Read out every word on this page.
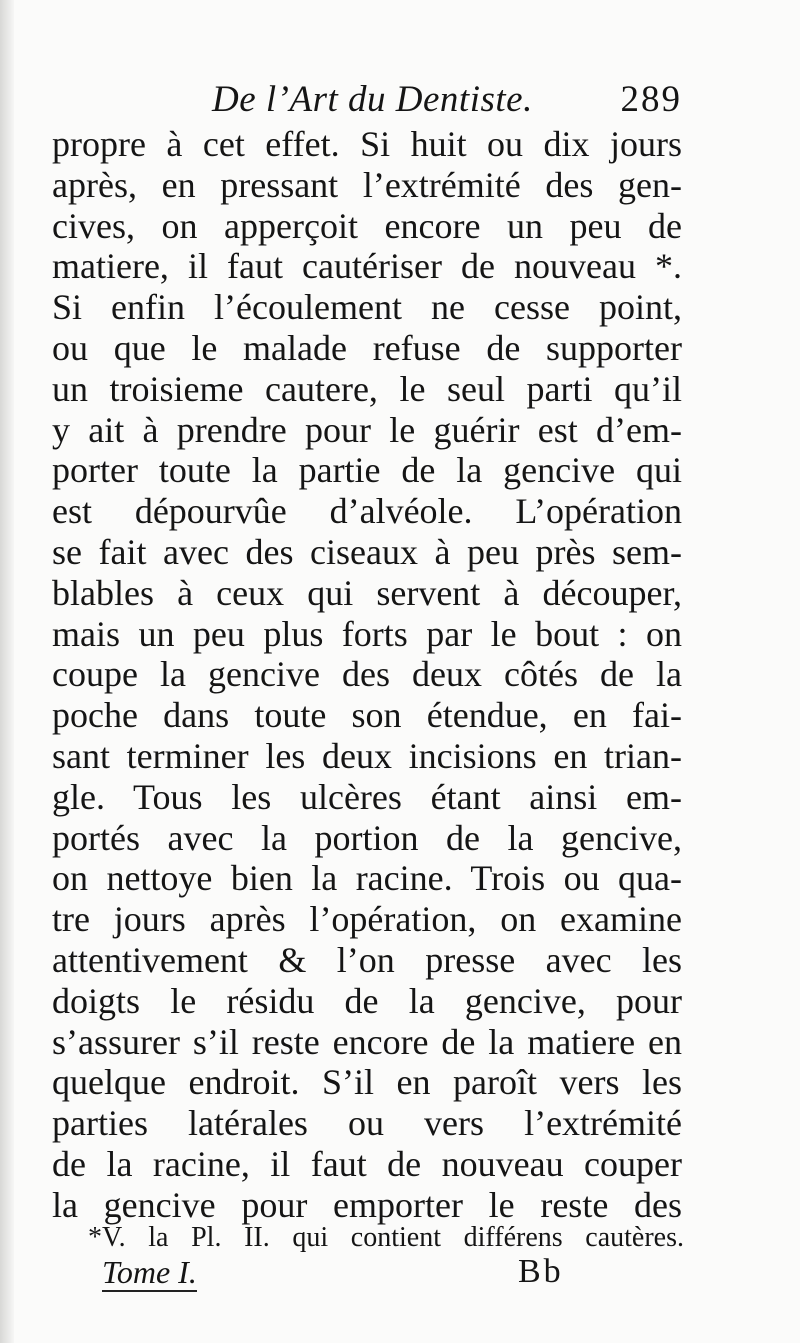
De l’Art du Dentiste. 289
propre à cet effet. Si huit ou dix jours
après, en pressant l’extrémité des gen-
cives, on apperçoit encore un peu de
matiere, il faut cautériser de nouveau *.
Si enfin l’écoulement ne cesse point,
ou que le malade refuse de supporter
un troisieme cautere, le seul parti qu’il
y ait à prendre pour le guérir est d’em-
porter toute la partie de la gencive qui
est dépourvûe d’alvéole. L’opération
se fait avec des ciseaux à peu près sem-
blables à ceux qui servent à découper,
mais un peu plus forts par le bout : on
coupe la gencive des deux côtés de la
poche dans toute son étendue, en fai-
sant terminer les deux incisions en trian-
gle. Tous les ulcères étant ainsi em-
portés avec la portion de la gencive,
on nettoye bien la racine. Trois ou qua-
tre jours après l’opération, on examine
attentivement & l’on presse avec les
doigts le résidu de la gencive, pour
s’assurer s’il reste encore de la matiere en
quelque endroit. S’il en paroît vers les
parties latérales ou vers l’extrémité
de la racine, il faut de nouveau couper
la gencive pour emporter le reste des
*V. la Pl. II. qui contient différens cautères.
Tome I.	Bb
